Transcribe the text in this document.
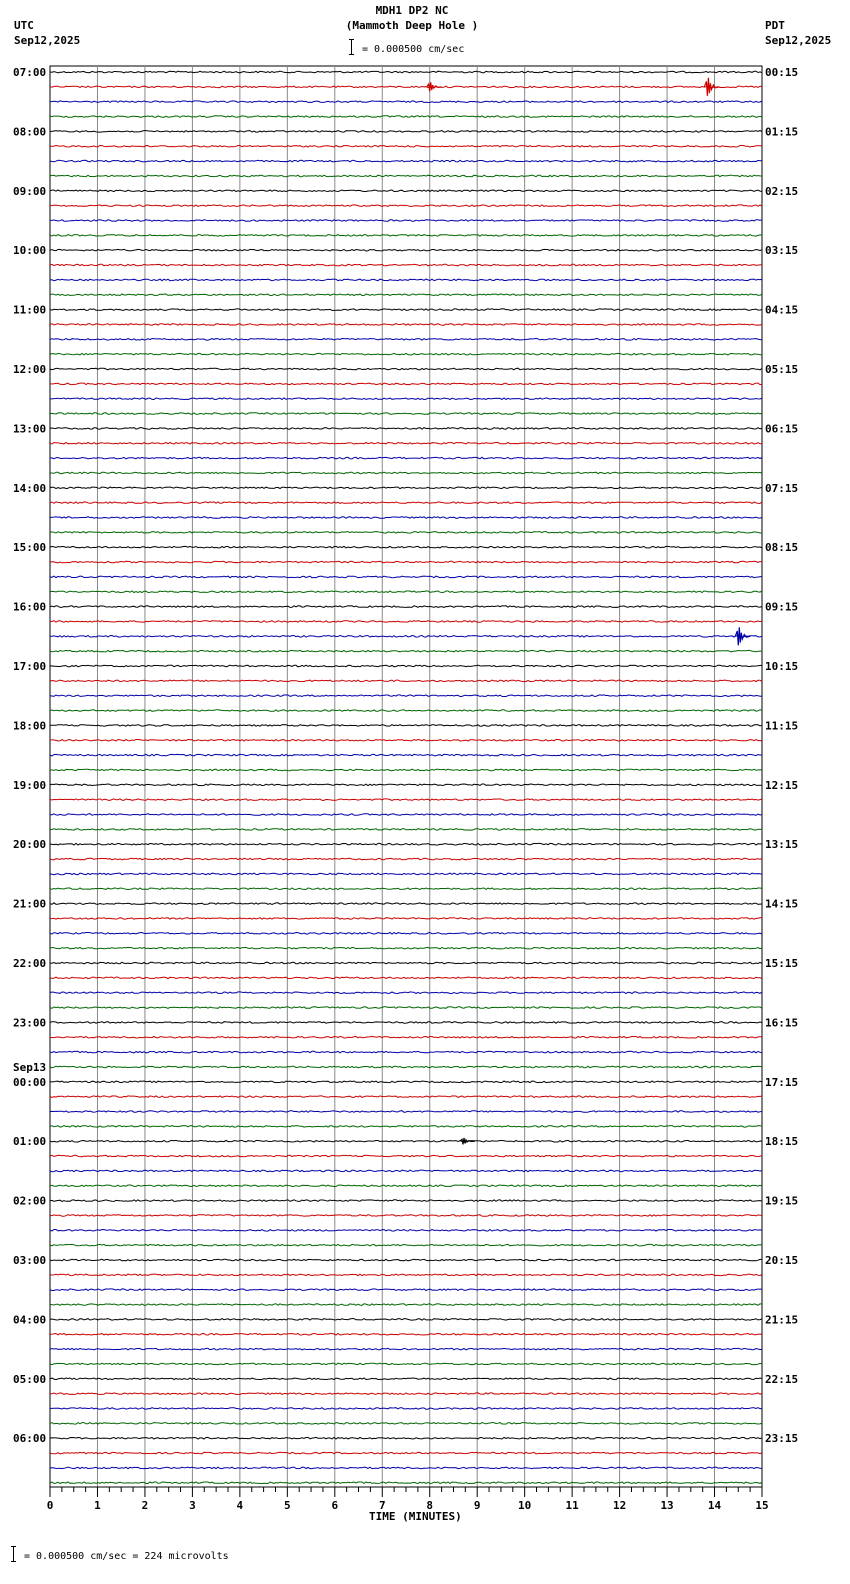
MDH1 DP2 NC
(Mammoth Deep Hole )
UTC
Sep12,2025
PDT
Sep12,2025
= 0.000500 cm/sec
0	1	2	3	4	5	6	7	8	9	10	11	12	13	14	15
07:00
08:00
09:00
10:00
11:00
12:00
13:00
14:00
15:00
16:00
17:00
18:00
19:00
20:00
21:00
22:00
23:00
Sep13
00:00
01:00
02:00
03:00
04:00
05:00
06:00
00:15
01:15
02:15
03:15
04:15
05:15
06:15
07:15
08:15
09:15
10:15
11:15
12:15
13:15
14:15
15:15
16:15
17:15
18:15
19:15
20:15
21:15
22:15
23:15
TIME (MINUTES)
= 0.000500 cm/sec = 224 microvolts
